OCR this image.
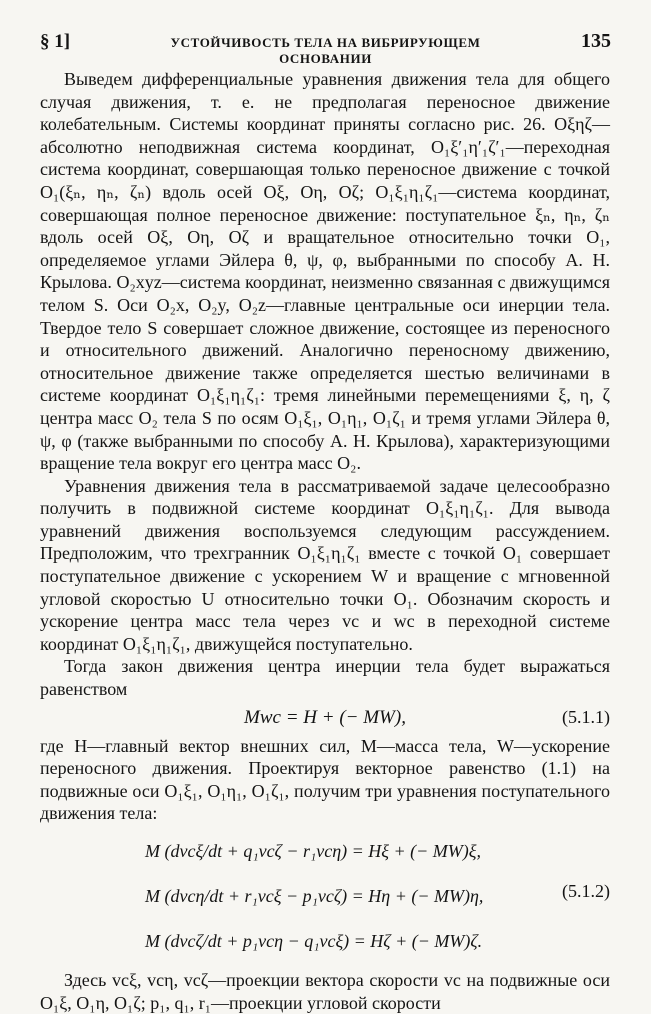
§ 1]	УСТОЙЧИВОСТЬ ТЕЛА НА ВИБРИРУЮЩЕМ ОСНОВАНИИ
135

Выведем дифференциальные уравнения движения тела для общего случая движения, т. е. не предполагая переносное движение колебательным. Системы координат приняты согласно рис. 26. Oξηζ—абсолютно неподвижная система координат, O₁ξ′₁η′₁ζ′₁—переходная система координат, совершающая только переносное движение с точкой O₁(ξₙ, ηₙ, ζₙ) вдоль осей Oξ, Oη, Oζ; O₁ξ₁η₁ζ₁—система координат, совершающая полное переносное движение: поступательное ξₙ, ηₙ, ζₙ вдоль осей Oξ, Oη, Oζ и вращательное относительно точки O₁, определяемое углами Эйлера θ, ψ, φ, выбранными по способу А. Н. Крылова. O₂xyz—система координат, неизменно связанная с движущимся телом S. Оси O₂x, O₂y, O₂z—главные центральные оси инерции тела. Твердое тело S совершает сложное движение, состоящее из переносного и относительного движений. Аналогично переносному движению, относительное движение также определяется шестью величинами в системе координат O₁ξ₁η₁ζ₁: тремя линейными перемещениями ξ, η, ζ центра масс O₂ тела S по осям O₁ξ₁, O₁η₁, O₁ζ₁ и тремя углами Эйлера θ, ψ, φ (также выбранными по способу А. Н. Крылова), характеризующими вращение тела вокруг его центра масс O₂.

Уравнения движения тела в рассматриваемой задаче целесообразно получить в подвижной системе координат O₁ξ₁η₁ζ₁. Для вывода уравнений движения воспользуемся следующим рассуждением. Предположим, что трехгранник O₁ξ₁η₁ζ₁ вместе с точкой O₁ совершает поступательное движение с ускорением W и вращение с мгновенной угловой скоростью U относительно точки O₁. Обозначим скорость и ускорение центра масс тела через vc и wc в переходной системе координат O₁ξ₁η₁ζ₁, движущейся поступательно.

Тогда закон движения центра инерции тела будет выражаться равенством

Mwc = H + (− MW),	(5.1.1)

где H—главный вектор внешних сил, M—масса тела, W—ускорение переносного движения. Проектируя векторное равенство (1.1) на подвижные оси O₁ξ₁, O₁η₁, O₁ζ₁, получим три уравнения поступательного движения тела:

M (dvcξ/dt + q₁vcζ − r₁vcη) = Hξ + (− MW)ξ,
M (dvcη/dt + r₁vcξ − p₁vcζ) = Hη + (− MW)η,
M (dvcζ/dt + p₁vcη − q₁vcξ) = Hζ + (− MW)ζ.
(5.1.2)

Здесь vcξ, vcη, vcζ—проекции вектора скорости vc на подвижные оси O₁ξ, O₁η, O₁ζ; p₁, q₁, r₁—проекции угловой скорости
